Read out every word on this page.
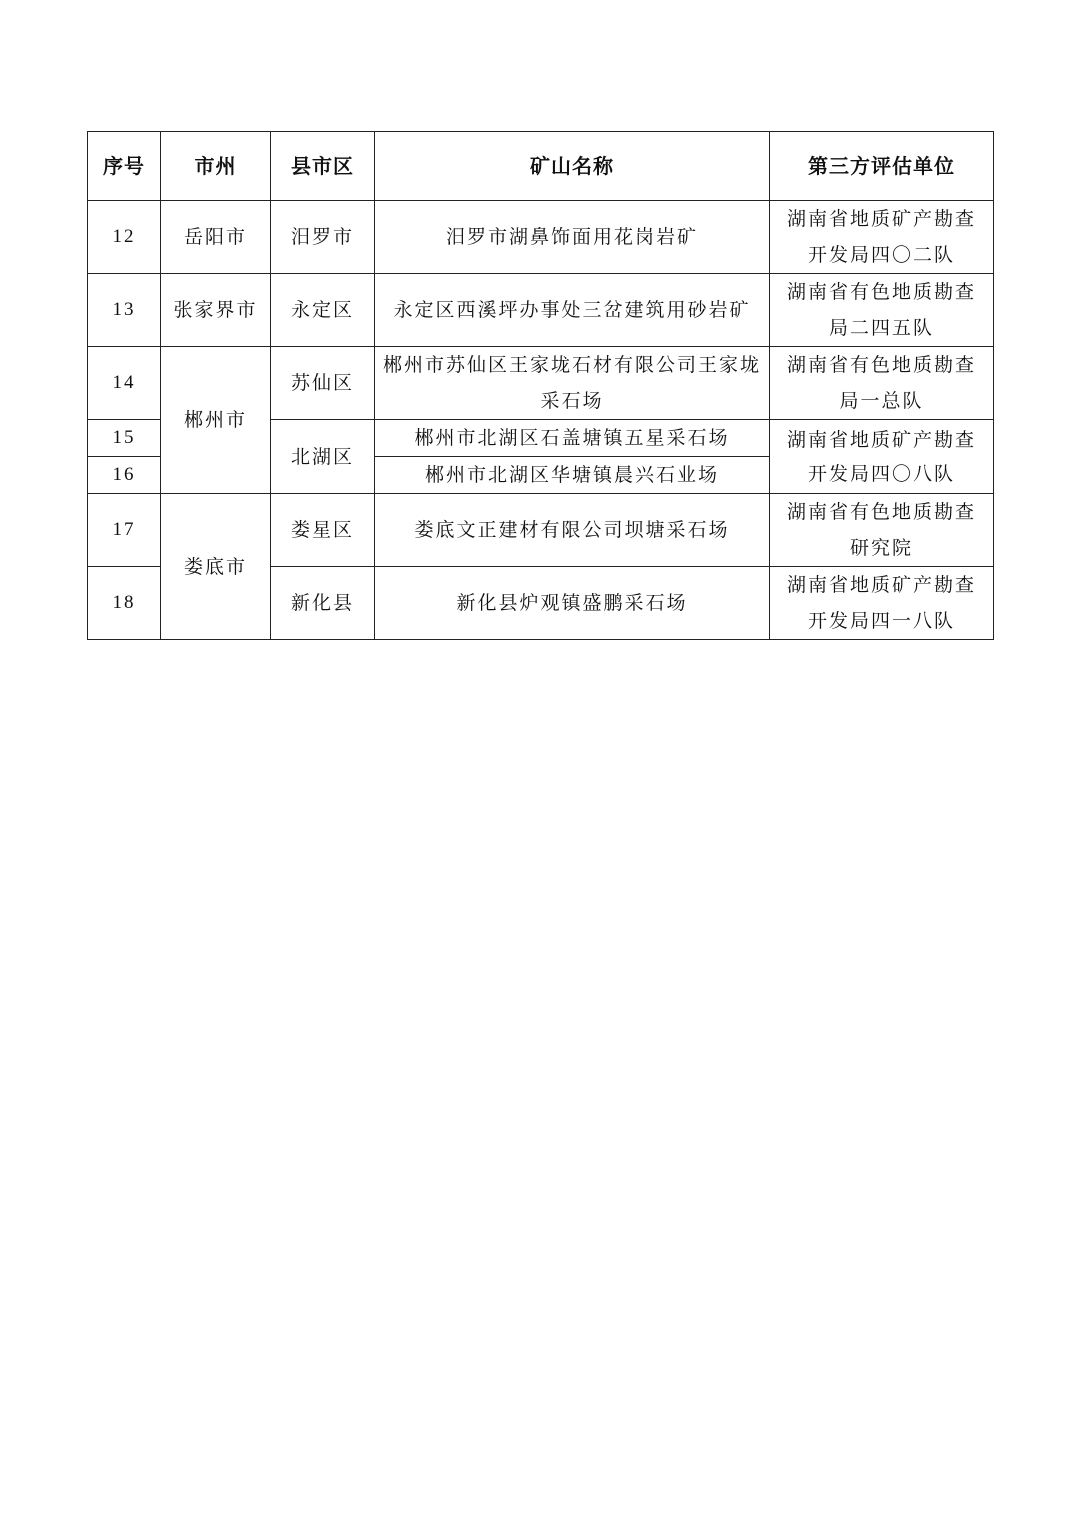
序号	市州	县市区	矿山名称	第三方评估单位
12	岳阳市	汨罗市	汨罗市湖鼻饰面用花岗岩矿	湖南省地质矿产勘查开发局四〇二队
13	张家界市	永定区	永定区西溪坪办事处三岔建筑用砂岩矿	湖南省有色地质勘查局二四五队
14	郴州市	苏仙区	郴州市苏仙区王家垅石材有限公司王家垅采石场	湖南省有色地质勘查局一总队
15		北湖区	郴州市北湖区石盖塘镇五星采石场	湖南省地质矿产勘查开发局四〇八队
16			郴州市北湖区华塘镇晨兴石业场	
17	娄底市	娄星区	娄底文正建材有限公司坝塘采石场	湖南省有色地质勘查研究院
18		新化县	新化县炉观镇盛鹏采石场	湖南省地质矿产勘查开发局四一八队
